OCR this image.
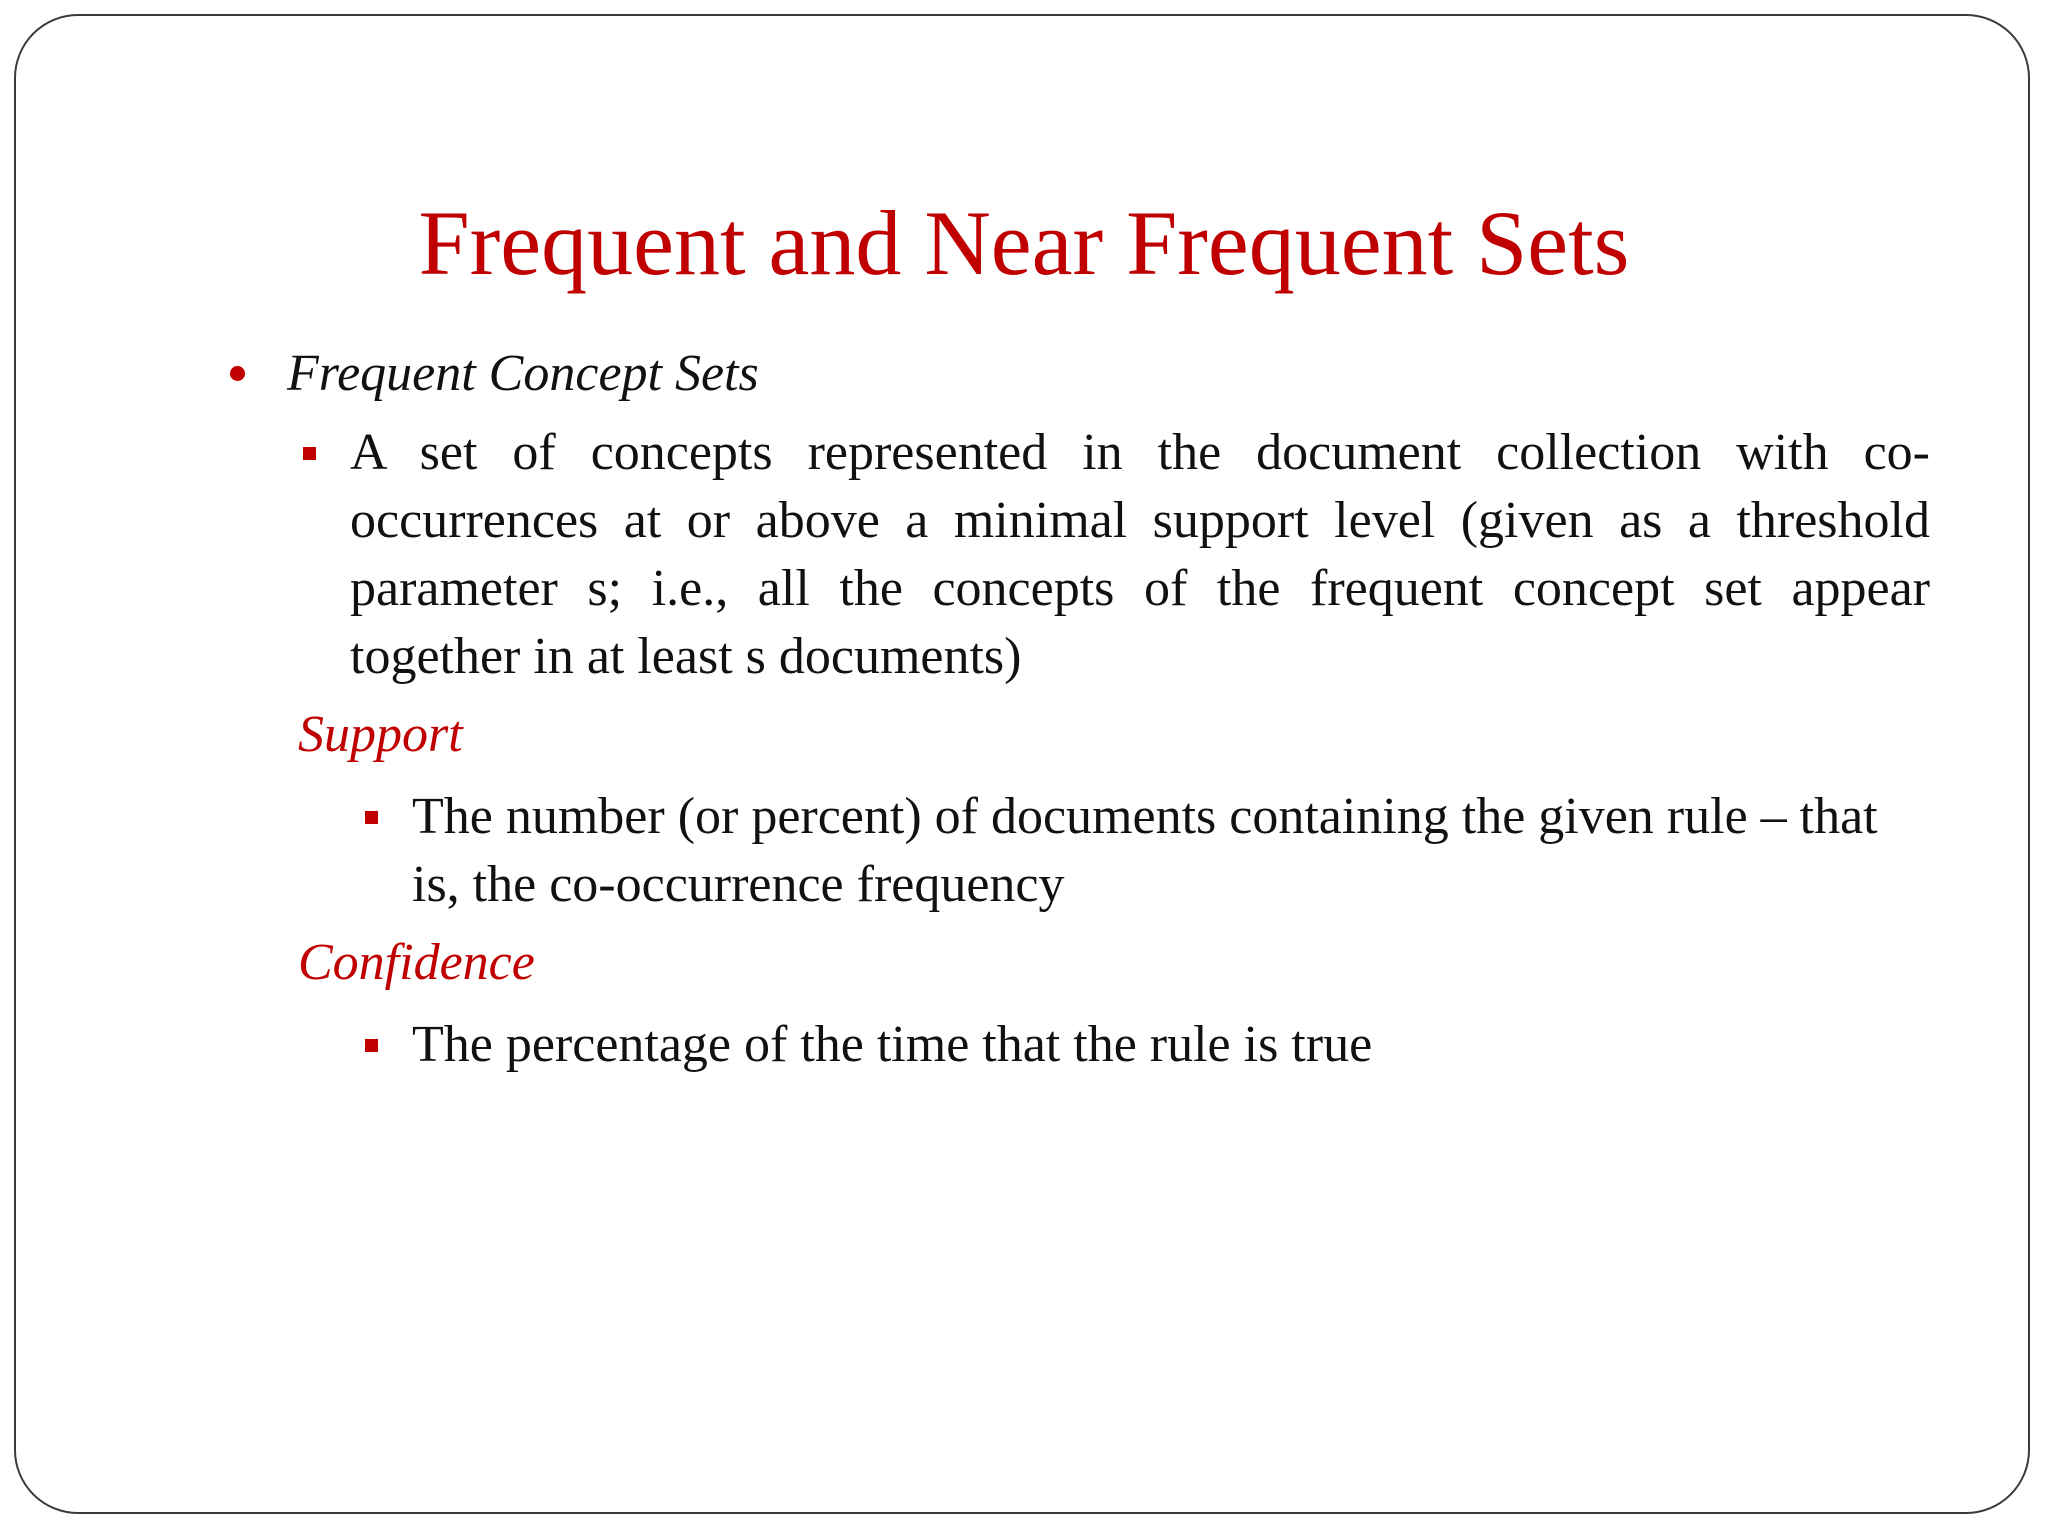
Frequent and Near Frequent Sets
Frequent Concept Sets

A set of concepts represented in the document collection with co-occurrences at or above a minimal support level (given as a threshold parameter s; i.e., all the concepts of the frequent concept set appear together in at least s documents)

Support

The number (or percent) of documents containing the given rule – that is, the co-occurrence frequency

Confidence

The percentage of the time that the rule is true
